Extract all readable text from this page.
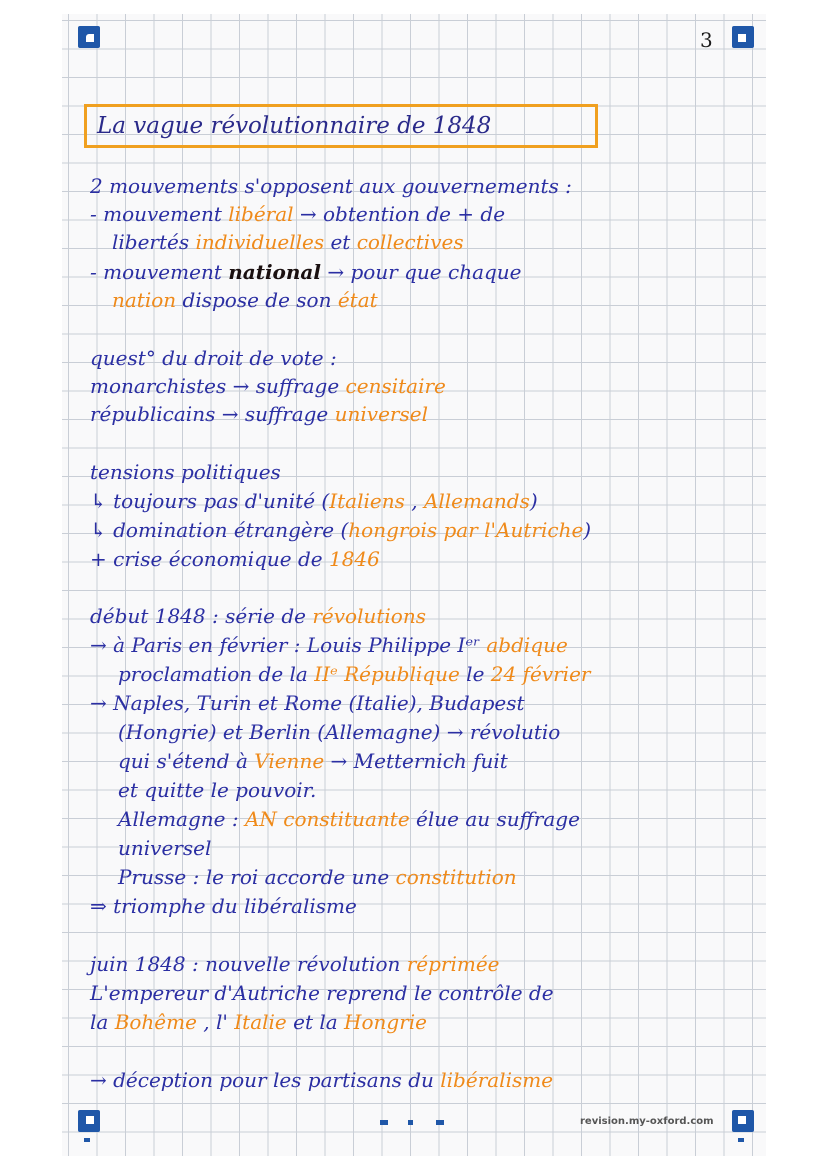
3
La vague révolutionnaire de 1848
2 mouvements s'opposent aux gouvernements :
- mouvement libéral → obtention de + de
libertés individuelles et collectives
- mouvement national → pour que chaque
nation dispose de son état
quest° du droit de vote :
monarchistes → suffrage censitaire
républicains → suffrage universel
tensions politiques
↳ toujours pas d'unité (Italiens , Allemands)
↳ domination étrangère (hongrois par l'Autriche)
+ crise économique de 1846
début 1848 : série de révolutions
→ à Paris en février : Louis Philippe Iᵉʳ abdique
proclamation de la IIᵉ République le 24 février
→ Naples, Turin et Rome (Italie), Budapest
(Hongrie) et Berlin (Allemagne) → révolutio
qui s'étend à Vienne → Metternich fuit
et quitte le pouvoir.
Allemagne : AN constituante élue au suffrage
universel
Prusse : le roi accorde une constitution
⇒ triomphe du libéralisme
juin 1848 : nouvelle révolution réprimée
L'empereur d'Autriche reprend le contrôle de
la Bohême , l' Italie et la Hongrie
→ déception pour les partisans du libéralisme
revision.my-oxford.com
